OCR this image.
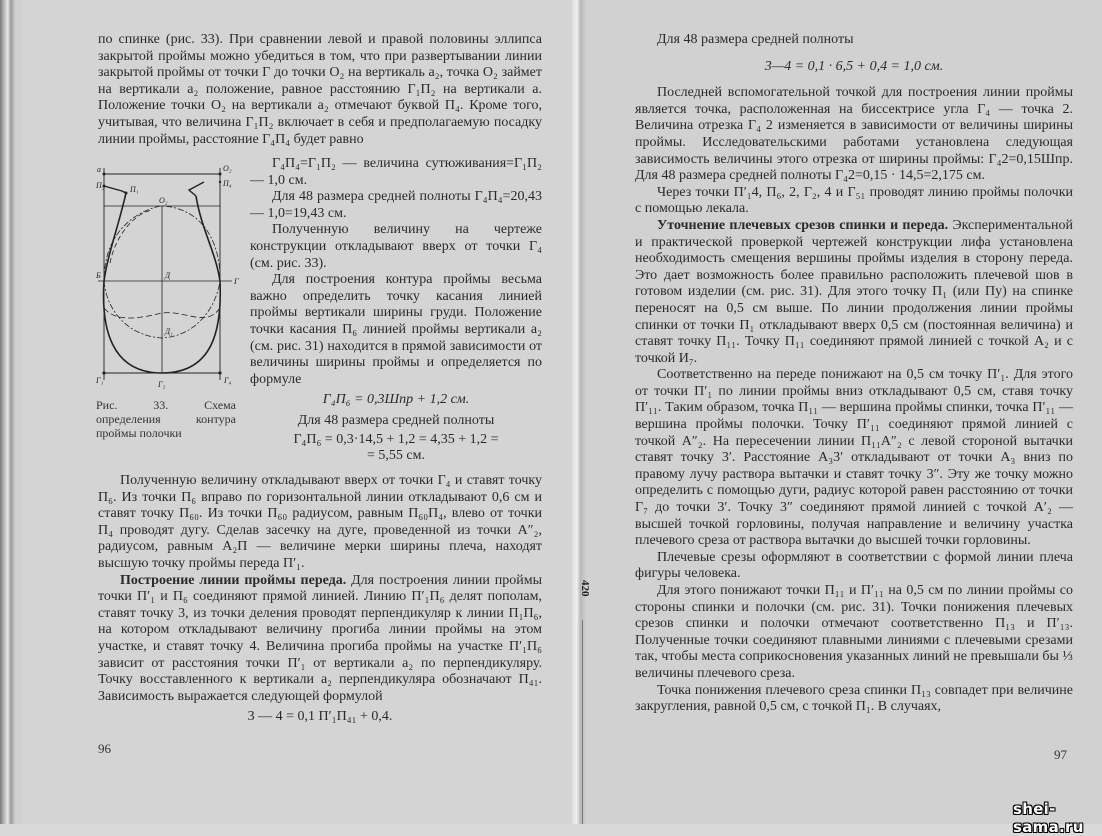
420

по спинке (рис. 33). При сравнении левой и правой половины эллипса закрытой проймы можно убедиться в том, что при развертывании линии закрытой проймы от точки Г до точки О₂ на вертикаль а₂, точка О₂ займет на вертикали а₂ положение, равное расстоянию Г₁П₂ на вертикали а. Положение точки О₂ на вертикали а₂ отмечают буквой П₄. Кроме того, учитывая, что величина Г₁П₂ включает в себя и предполагаемую посадку линии проймы, расстояние Г₄П₄ будет равно

а	О₂
П₂	П₁
П₄
О₂
Б	Д
Г
Д₁
Г₁	Г₂	Г₄
Рис. 33. Схема определения контура проймы полочки

Г₄П₄=Г₁П₂ — величина сутюживания=Г₁П₂ — 1,0 см.

Для 48 размера средней полноты Г₄П₄=20,43 — 1,0=19,43 см.

Полученную величину на чертеже конструкции откладывают вверх от точки Г₄ (см. рис. 33).

Для построения контура проймы весьма важно определить точку касания линией проймы вертикали ширины груди. Положение точки касания П₆ линией проймы вертикали а₂ (см. рис. 31) находится в прямой зависимости от величины ширины проймы и определяется по формуле

Г₄П₆ = 0,3Шпр + 1,2 см.

Для 48 размера средней полноты

Г₄П₆ = 0,3·14,5 + 1,2 = 4,35 + 1,2 =

= 5,55 см.

Полученную величину откладывают вверх от точки Г₄ и ставят точку П₆. Из точки П₆ вправо по горизонтальной линии откладывают 0,6 см и ставят точку П₆₀. Из точки П₆₀ радиусом, равным П₆₀П₄, влево от точки П₄ проводят дугу. Сделав засечку на дуге, проведенной из точки А″₂, радиусом, равным А₂П — величине мерки ширины плеча, находят высшую точку проймы переда П′₁.

Построение линии проймы переда. Для построения линии проймы точки П′₁ и П₆ соединяют прямой линией. Линию П′₁П₆ делят пополам, ставят точку 3, из точки деления проводят перпендикуляр к линии П₁П₆, на котором откладывают величину прогиба линии проймы на этом участке, и ставят точку 4. Величина прогиба проймы на участке П′₁П₆ зависит от расстояния точки П′₁ от вертикали а₂ по перпендикуляру. Точку восставленного к вертикали а₂ перпендикуляра обозначают П₄₁. Зависимость выражается следующей формулой

3 — 4 = 0,1 П′₁П₄₁ + 0,4.

96

Для 48 размера средней полноты

3—4 = 0,1 · 6,5 + 0,4 = 1,0 см.

Последней вспомогательной точкой для построения линии проймы является точка, расположенная на биссектрисе угла Г₄ — точка 2. Величина отрезка Г₄ 2 изменяется в зависимости от величины ширины проймы. Исследовательскими работами установлена следующая зависимость величины этого отрезка от ширины проймы: Г₄2=0,15Шпр. Для 48 размера средней полноты Г₄2=0,15 · 14,5=2,175 см.

Через точки П′₁4, П₆, 2, Г₂, 4 и Г₅₁ проводят линию проймы полочки с помощью лекала.

Уточнение плечевых срезов спинки и переда. Экспериментальной и практической проверкой чертежей конструкции лифа установлена необходимость смещения вершины проймы изделия в сторону переда. Это дает возможность более правильно расположить плечевой шов в готовом изделии (см. рис. 31). Для этого точку П₁ (или Пу) на спинке переносят на 0,5 см выше. По линии продолжения линии проймы спинки от точки П₁ откладывают вверх 0,5 см (постоянная величина) и ставят точку П₁₁. Точку П₁₁ соединяют прямой линией с точкой А₂ и с точкой И₇.

Соответственно на переде понижают на 0,5 см точку П′₁. Для этого от точки П′₁ по линии проймы вниз откладывают 0,5 см, ставя точку П′₁₁. Таким образом, точка П₁₁ — вершина проймы спинки, точка П′₁₁ — вершина проймы полочки. Точку П′₁₁ соединяют прямой линией с точкой А″₂. На пересечении линии П₁₁А″₂ с левой стороной вытачки ставят точку 3′. Расстояние А₃3′ откладывают от точки А₃ вниз по правому лучу раствора вытачки и ставят точку 3″. Эту же точку можно определить с помощью дуги, радиус которой равен расстоянию от точки Г₇ до точки 3′. Точку 3″ соединяют прямой линией с точкой А′₂ — высшей точкой горловины, получая направление и величину участка плечевого среза от раствора вытачки до высшей точки горловины.

Плечевые срезы оформляют в соответствии с формой линии плеча фигуры человека.

Для этого понижают точки П₁₁ и П′₁₁ на 0,5 см по линии проймы со стороны спинки и полочки (см. рис. 31). Точки понижения плечевых срезов спинки и полочки отмечают соответственно П₁₃ и П′₁₃. Полученные точки соединяют плавными линиями с плечевыми срезами так, чтобы места соприкосновения указанных линий не превышали бы ⅓ величины плечевого среза.

Точка понижения плечевого среза спинки П₁₃ совпадет при величине закругления, равной 0,5 см, с точкой П₁. В случаях,

97
shei-sama.ru
